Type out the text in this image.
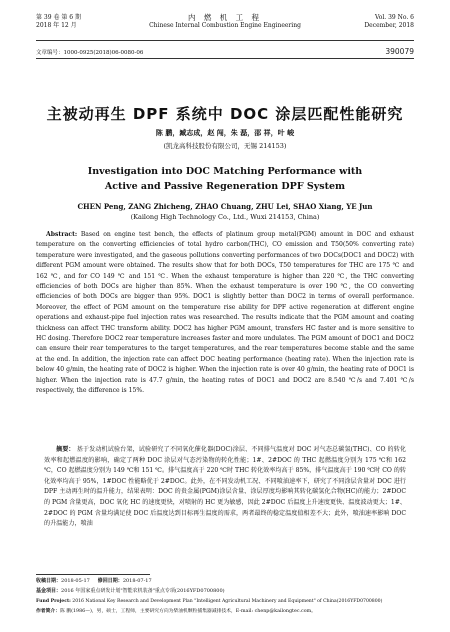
第 39 卷 第 6 期
2018 年 12 月
内 燃 机 工 程
Chinese Internal Combustion Engine Engineering
Vol. 39 No. 6
December, 2018
文章编号：1000-0925(2018)06-0080-06	390079
主被动再生 DPF 系统中 DOC 涂层匹配性能研究
陈 鹏，臧志成，赵 闯，朱 磊，邵 祥，叶 峻
(凯龙高科技股份有限公司，无锡 214153)
Investigation into DOC Matching Performance with Active and Passive Regeneration DPF System
CHEN Peng, ZANG Zhicheng, ZHAO Chuang, ZHU Lei, SHAO Xiang, YE Jun
(Kailong High Technology Co., Ltd., Wuxi 214153, China)
Abstract: Based on engine test bench, the effects of platinum group metal(PGM) amount in DOC and exhaust temperature on the converting efficiencies of total hydro carbon(THC), CO emission and T50(50% converting rate) temperature were investigated, and the gaseous pollutions converting performances of two DOCs(DOC1 and DOC2) with different PGM amount were obtained. The results show that for both DOCs, T50 temperatures for THC are 175 ℃ and 162 ℃, and for CO 149 ℃ and 151 ℃. When the exhaust temperature is higher than 220 ℃, the THC converting efficiencies of both DOCs are higher than 85%. When the exhaust temperature is over 190 ℃, the CO converting efficiencies of both DOCs are bigger than 95%. DOC1 is slightly better than DOC2 in terms of overall performance. Moreover, the effect of PGM amount on the temperature rise ability for DPF active regeneration at different engine operations and exhaust-pipe fuel injection rates was researched. The results indicate that the PGM amount and coating thickness can affect THC transform ability. DOC2 has higher PGM amount, transfers HC faster and is more sensitive to HC dosing. Therefore DOC2 rear temperature increases faster and more undulates. The PGM amount of DOC1 and DOC2 can ensure their rear temperatures to the target temperatures, and the rear temperatures become stable and the same at the end. In addition, the injection rate can affect DOC heating performance (heating rate). When the injection rate is below 40 g/min, the heating rate of DOC2 is higher. When the injection rate is over 40 g/min, the heating rate of DOC1 is higher. When the injection rate is 47.7 g/min, the heating rates of DOC1 and DOC2 are 8.540 ℃/s and 7.401 ℃/s respectively, the difference is 15%.
摘要： 基于发动机试验台架，试验研究了不同氧化催化器(DOC)涂层、不同排气温度对 DOC 对气态总碳氢(THC)、CO 的转化效率和起燃温度的影响，确定了两种 DOC 涂层对气态污染物的转化性能；1#、2#DOC 的 THC 起燃温度分别为 175 ℃和 162 ℃，CO 起燃温度分别为 149 ℃和 151 ℃。排气温度高于 220 ℃时 THC 转化效率均高于 85%，排气温度高于 190 ℃时 CO 的转化效率均高于 95%，1#DOC 性能略优于 2#DOC。此外，在不同发动机工况、不同喷油速率下，研究了不同涂层含量对 DOC 进行 DPF 主动再生时的温升能力，结果表明：DOC 的贵金属(PGM)涂层含量、涂层厚度均影响其转化碳氢化合物(HC)的能力；2#DOC 的 PGM 含量更高，DOC 氧化 HC 的速度更快，对喷射的 HC 更为敏感，因此 2#DOC 后温度上升速度更快、温度波动更大；1#、2#DOC 的 PGM 含量均满足使 DOC 后温度达到目标再生温度的需求，两者最终的稳定温度值相差不大；此外，喷油速率影响 DOC 的升温能力，喷油
收稿日期：2018-05-17 修回日期：2018-07-17
基金项目：2016 年国家重点研发计划"智能农机装备"重点专项(2016YFD0700800)
Fund Project: 2016 National Key Research and Development Plan "Intelligent Agricultural Machinery and Equipment" of China(2016YFD0700800)
作者简介：陈 鹏(1986—)，男，硕士，工程师，主要研究方向为柴油机颗粒捕集器减排技术，E-mail: chenp@kailongtec.com。
